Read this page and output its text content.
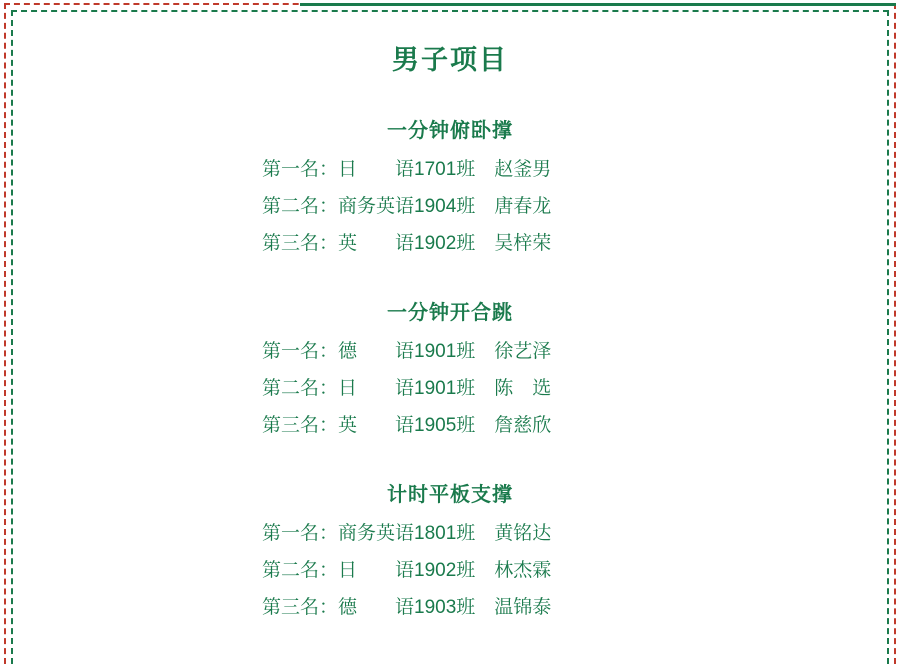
男子项目
一分钟俯卧撑
第一名：日　　语1701班　赵釜男
第二名：商务英语1904班　唐春龙
第三名：英　　语1902班　吴梓荣
一分钟开合跳
第一名：德　　语1901班　徐艺泽
第二名：日　　语1901班　陈　选
第三名：英　　语1905班　詹慈欣
计时平板支撑
第一名：商务英语1801班　黄铭达
第二名：日　　语1902班　林杰霖
第三名：德　　语1903班　温锦泰
